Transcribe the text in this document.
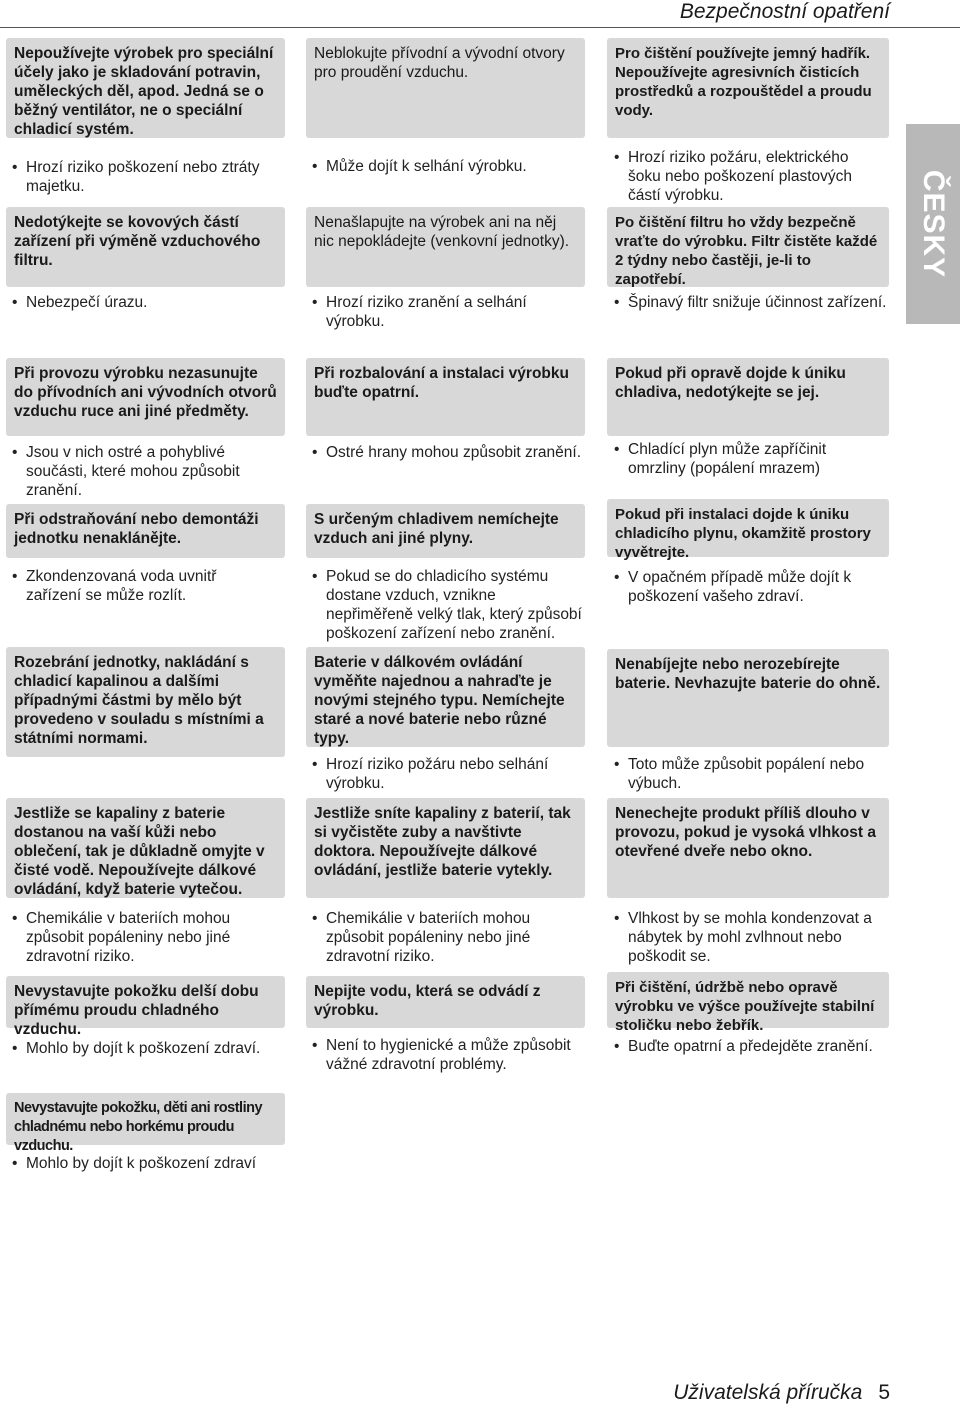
Bezpečnostní opatření
ČESKY
Nepoužívejte výrobek pro speciální účely jako je skladování potravin, uměleckých děl, apod. Jedná se o běžný ventilátor, ne o speciální chladicí systém.
• Hrozí riziko poškození nebo ztráty majetku.
Nedotýkejte se kovových částí zařízení při výměně vzduchového filtru.
• Nebezpečí úrazu.
Při provozu výrobku nezasunujte do přívodních ani vývodních otvorů vzduchu ruce ani jiné předměty.
• Jsou v nich ostré a pohyblivé součásti, které mohou způsobit zranění.
Při odstraňování nebo demontáži jednotku nenaklánějte.
• Zkondenzovaná voda uvnitř zařízení se může rozlít.
Rozebrání jednotky, nakládání s chladicí kapalinou a dalšími případnými částmi by mělo být provedeno v souladu s místními a státními normami.
Jestliže se kapaliny z baterie dostanou na vaší kůži nebo oblečení, tak je důkladně omyjte v čisté vodě. Nepoužívejte dálkové ovládání, když baterie vytečou.
• Chemikálie v bateriích mohou způsobit popáleniny nebo jiné zdravotní riziko.
Nevystavujte pokožku delší dobu přímému proudu chladného vzduchu.
• Mohlo by dojít k poškození zdraví.
Nevystavujte pokožku, děti ani rostliny chladnému nebo horkému proudu vzduchu.
• Mohlo by dojít k poškození zdraví
Neblokujte přívodní a vývodní otvory pro proudění vzduchu.
• Může dojít k selhání výrobku.
Nenašlapujte na výrobek ani na něj nic nepokládejte (venkovní jednotky).
• Hrozí riziko zranění a selhání výrobku.
Při rozbalování a instalaci výrobku buďte opatrní.
• Ostré hrany mohou způsobit zranění.
S určeným chladivem nemíchejte vzduch ani jiné plyny.
• Pokud se do chladicího systému dostane vzduch, vznikne nepřiměřeně velký tlak, který způsobí poškození zařízení nebo zranění.
Baterie v dálkovém ovládání vyměňte najednou a nahraďte je novými stejného typu. Nemíchejte staré a nové baterie nebo různé typy.
• Hrozí riziko požáru nebo selhání výrobku.
Jestliže sníte kapaliny z baterií, tak si vyčistěte zuby a navštivte doktora. Nepoužívejte dálkové ovládání, jestliže baterie vytekly.
• Chemikálie v bateriích mohou způsobit popáleniny nebo jiné zdravotní riziko.
Nepijte vodu, která se odvádí z výrobku.
• Není to hygienické a může způsobit vážné zdravotní problémy.
Pro čištění používejte jemný hadřík. Nepoužívejte agresivních čisticích prostředků a rozpouštědel a proudu vody.
• Hrozí riziko požáru, elektrického šoku nebo poškození plastových částí výrobku.
Po čištění filtru ho vždy bezpečně vraťte do výrobku. Filtr čistěte každé 2 týdny nebo častěji, je-li to zapotřebí.
• Špinavý filtr snižuje účinnost zařízení.
Pokud při opravě dojde k úniku chladiva, nedotýkejte se jej.
• Chladící plyn může zapříčinit omrzliny (popálení mrazem)
Pokud při instalaci dojde k úniku chladicího plynu, okamžitě prostory vyvětrejte.
• V opačném případě může dojít k poškození vašeho zdraví.
Nenabíjejte nebo nerozebírejte baterie. Nevhazujte baterie do ohně.
• Toto může způsobit popálení nebo výbuch.
Nenechejte produkt příliš dlouho v provozu, pokud je vysoká vlhkost a otevřené dveře nebo okno.
• Vlhkost by se mohla kondenzovat a nábytek by mohl zvlhnout nebo poškodit se.
Při čištění, údržbě nebo opravě výrobku ve výšce používejte stabilní stoličku nebo žebřík.
• Buďte opatrní a předejděte zranění.
Uživatelská příručka 5
